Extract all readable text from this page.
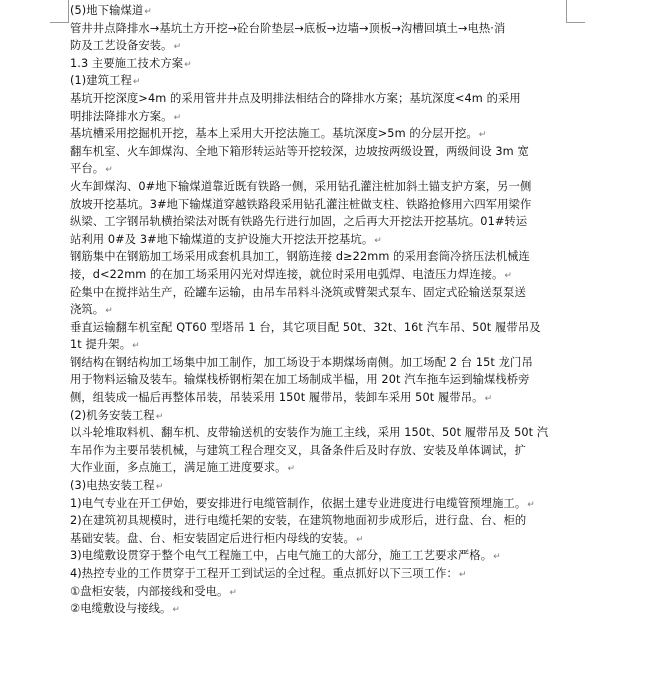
(5)地下输煤道↵
管井井点降排水→基坑土方开挖→砼台阶垫层→底板→边墙→顶板→沟槽回填土→电热·消
防及工艺设备安装。↵
1.3 主要施工技术方案↵
(1)建筑工程↵
基坑开挖深度>4m 的采用管井井点及明排法相结合的降排水方案；基坑深度<4m 的采用
明排法降排水方案。↵
基坑槽采用挖掘机开挖，基本上采用大开挖法施工。基坑深度>5m 的分层开挖。↵
翻车机室、火车卸煤沟、全地下箱形转运站等开挖较深，边坡按两级设置，两级间设 3m 宽
平台。↵
火车卸煤沟、0#地下输煤道靠近既有铁路一侧，采用钻孔灌注桩加斜土锚支护方案，另一侧
放坡开挖基坑。3#地下输煤道穿越铁路段采用钻孔灌注桩做支柱、铁路抢修用六四军用梁作
纵梁、工字钢吊轨横抬梁法对既有铁路先行进行加固，之后再大开挖法开挖基坑。01#转运
站利用 0#及 3#地下输煤道的支护设施大开挖法开挖基坑。↵
钢筋集中在钢筋加工场采用成套机具加工，钢筋连接 d≥22mm 的采用套筒冷挤压法机械连
接，d<22mm 的在加工场采用闪光对焊连接，就位时采用电弧焊、电渣压力焊连接。↵
砼集中在搅拌站生产，砼罐车运输，由吊车吊料斗浇筑或臂架式泵车、固定式砼输送泵泵送
浇筑。↵
垂直运输翻车机室配 QT60 型塔吊 1 台，其它项目配 50t、32t、16t 汽车吊、50t 履带吊及
1t 提升架。↵
钢结构在钢结构加工场集中加工制作，加工场设于本期煤场南侧。加工场配 2 台 15t 龙门吊
用于物料运输及装车。输煤栈桥钢桁架在加工场制成半榀，用 20t 汽车拖车运到输煤栈桥旁
侧，组装成一榀后再整体吊装，吊装采用 150t 履带吊，装卸车采用 50t 履带吊。↵
(2)机务安装工程↵
以斗轮堆取料机、翻车机、皮带输送机的安装作为施工主线，采用 150t、50t 履带吊及 50t 汽
车吊作为主要吊装机械，与建筑工程合理交叉，具备条件后及时存放、安装及单体调试，扩
大作业面，多点施工，满足施工进度要求。↵
(3)电热安装工程↵
1)电气专业在开工伊始，要安排进行电缆管制作，依据土建专业进度进行电缆管预埋施工。↵
2)在建筑初具规模时，进行电缆托架的安装，在建筑物地面初步成形后，进行盘、台、柜的
基础安装。盘、台、柜安装固定后进行柜内母线的安装。↵
3)电缆敷设贯穿于整个电气工程施工中，占电气施工的大部分，施工工艺要求严格。↵
4)热控专业的工作贯穿于工程开工到试运的全过程。重点抓好以下三项工作：↵
①盘柜安装，内部接线和受电。↵
②电缆敷设与接线。↵
